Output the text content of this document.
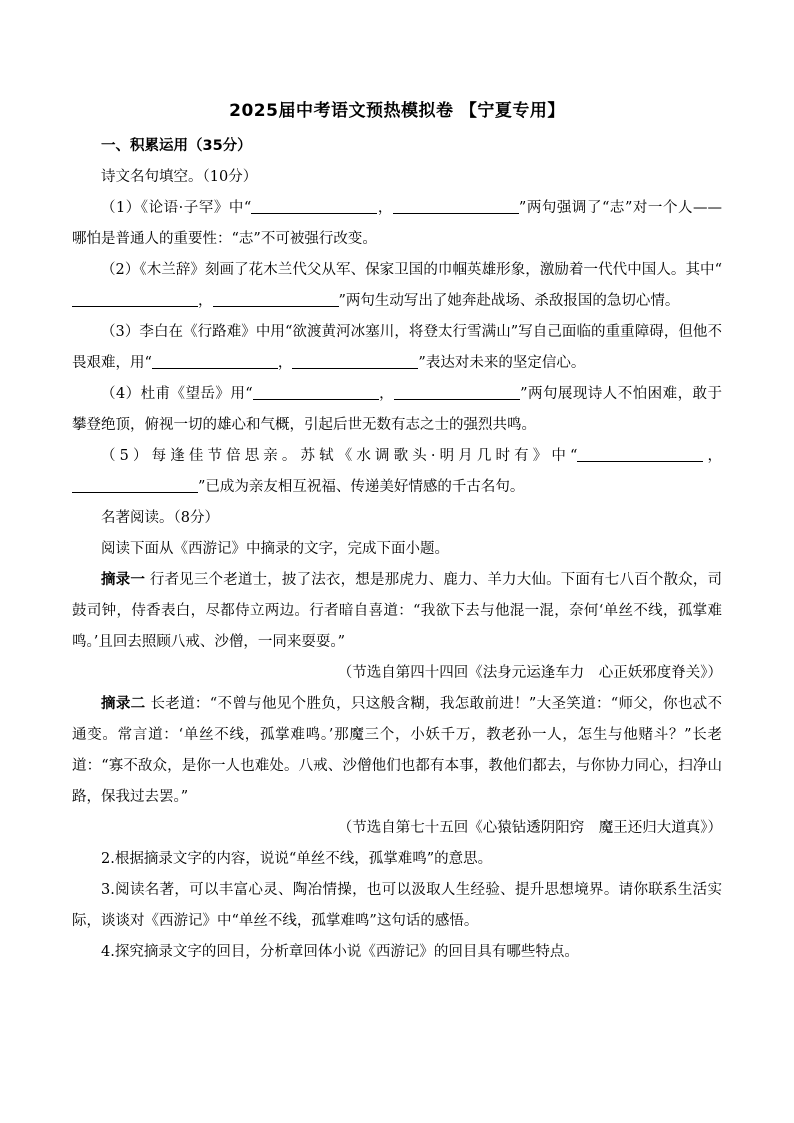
2025届中考语文预热模拟卷 【宁夏专用】

一、积累运用（35分）

诗文名句填空。（10分）

（1）《论语·子罕》中“	，	”两句强调了“志”对一个人——哪怕是普通人的重要性：“志”不可被强行改变。

（2）《木兰辞》刻画了花木兰代父从军、保家卫国的巾帼英雄形象，激励着一代代中国人。其中“，	”两句生动写出了她奔赴战场、杀敌报国的急切心情。

（3）李白在《行路难》中用“欲渡黄河冰塞川，将登太行雪满山”写自己面临的重重障碍，但他不畏艰难，用“	，	”表达对未来的坚定信心。

（4）杜甫《望岳》用“	，	”两句展现诗人不怕困难，敢于攀登绝顶，俯视一切的雄心和气概，引起后世无数有志之士的强烈共鸣。

（5）每逢佳节倍思亲。苏轼《水调歌头·明月几时有》中“	，”已成为亲友相互祝福、传递美好情感的千古名句。

名著阅读。（8分）

阅读下面从《西游记》中摘录的文字，完成下面小题。

摘录一 行者见三个老道士，披了法衣，想是那虎力、鹿力、羊力大仙。下面有七八百个散众，司鼓司钟，侍香表白，尽都侍立两边。行者暗自喜道：“我欲下去与他混一混，奈何‘单丝不线，孤掌难鸣。’且回去照顾八戒、沙僧，一同来耍耍。”

（节选自第四十四回《法身元运逢车力　心正妖邪度脊关》）

摘录二 长老道：“不曾与他见个胜负，只这般含糊，我怎敢前进！”大圣笑道：“师父，你也忒不通变。常言道：‘单丝不线，孤掌难鸣。’那魔三个，小妖千万，教老孙一人，怎生与他赌斗？”长老道：“寡不敌众，是你一人也难处。八戒、沙僧他们也都有本事，教他们都去，与你协力同心，扫净山路，保我过去罢。”

（节选自第七十五回《心猿钻透阴阳窍　魔王还归大道真》）

2.根据摘录文字的内容，说说“单丝不线，孤掌难鸣”的意思。

3.阅读名著，可以丰富心灵、陶冶情操，也可以汲取人生经验、提升思想境界。请你联系生活实际，谈谈对《西游记》中“单丝不线，孤掌难鸣”这句话的感悟。

4.探究摘录文字的回目，分析章回体小说《西游记》的回目具有哪些特点。
